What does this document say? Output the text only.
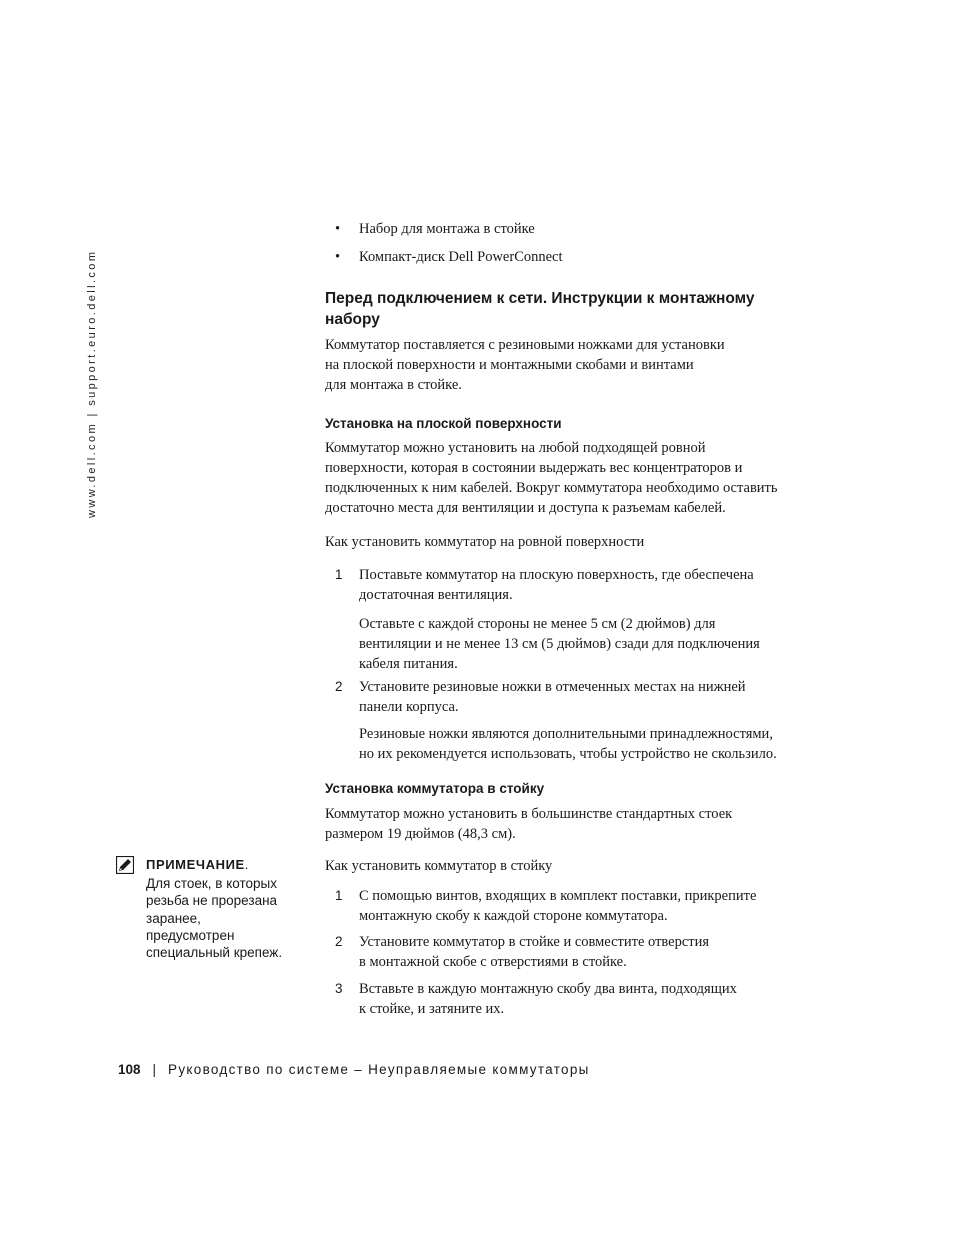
www.dell.com | support.euro.dell.com
• Набор для монтажа в стойке
• Компакт-диск Dell PowerConnect
Перед подключением к сети. Инструкции к монтажному
набору
Коммутатор поставляется с резиновыми ножками для установки
на плоской поверхности и монтажными скобами и винтами
для монтажа в стойке.
Установка на плоской поверхности
Коммутатор можно установить на любой подходящей ровной
поверхности, которая в состоянии выдержать вес концентраторов и
подключенных к ним кабелей. Вокруг коммутатора необходимо оставить
достаточно места для вентиляции и доступа к разъемам кабелей.
Как установить коммутатор на ровной поверхности
1 Поставьте коммутатор на плоскую поверхность, где обеспечена
достаточная вентиляция.
Оставьте с каждой стороны не менее 5 см (2 дюймов) для
вентиляции и не менее 13 см (5 дюймов) сзади для подключения
кабеля питания.
2 Установите резиновые ножки в отмеченных местах на нижней
панели корпуса.
Резиновые ножки являются дополнительными принадлежностями,
но их рекомендуется использовать, чтобы устройство не скользило.
Установка коммутатора в стойку
Коммутатор можно установить в большинстве стандартных стоек
размером 19 дюймов (48,3 см).
Как установить коммутатор в стойку
1 С помощью винтов, входящих в комплект поставки, прикрепите
монтажную скобу к каждой стороне коммутатора.
2 Установите коммутатор в стойке и совместите отверстия
в монтажной скобе с отверстиями в стойке.
3 Вставьте в каждую монтажную скобу два винта, подходящих
к стойке, и затяните их.
ПРИМЕЧАНИЕ.
Для стоек, в которых
резьба не прорезана
заранее,
предусмотрен
специальный крепеж.
108 | Руководство по системе – Неуправляемые коммутаторы
